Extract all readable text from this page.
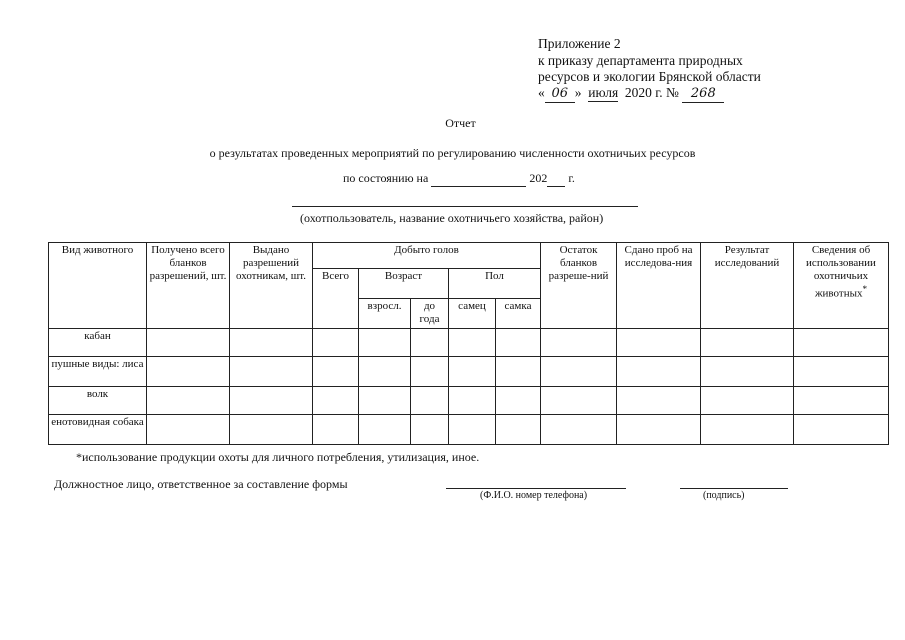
Приложение 2
к приказу департамента природных
ресурсов и экологии Брянской области
« 06 » июля 2020 г. № 268
Отчет
о результатах проведенных мероприятий по регулированию численности охотничьих ресурсов
по состоянию на	202 г.
(охотпользователь, название охотничьего хозяйства, район)
Вид животного	Получено всего бланков разрешений, шт.	Выдано разрешений охотникам, шт.	Добыто голов					Остаток бланков разреше-ний	Сдано проб на исследова-ния	Результат исследований	Сведения об использовании охотничьих животных*
			Всего	Возраст		Пол					
				взросл.	до года	самец	самка				
кабан											
пушные виды: лиса											
волк											
енотовидная собака											
*использование продукции охоты для личного потребления, утилизация, иное.
Должностное лицо, ответственное за составление формы
(Ф.И.О. номер телефона)	(подпись)
